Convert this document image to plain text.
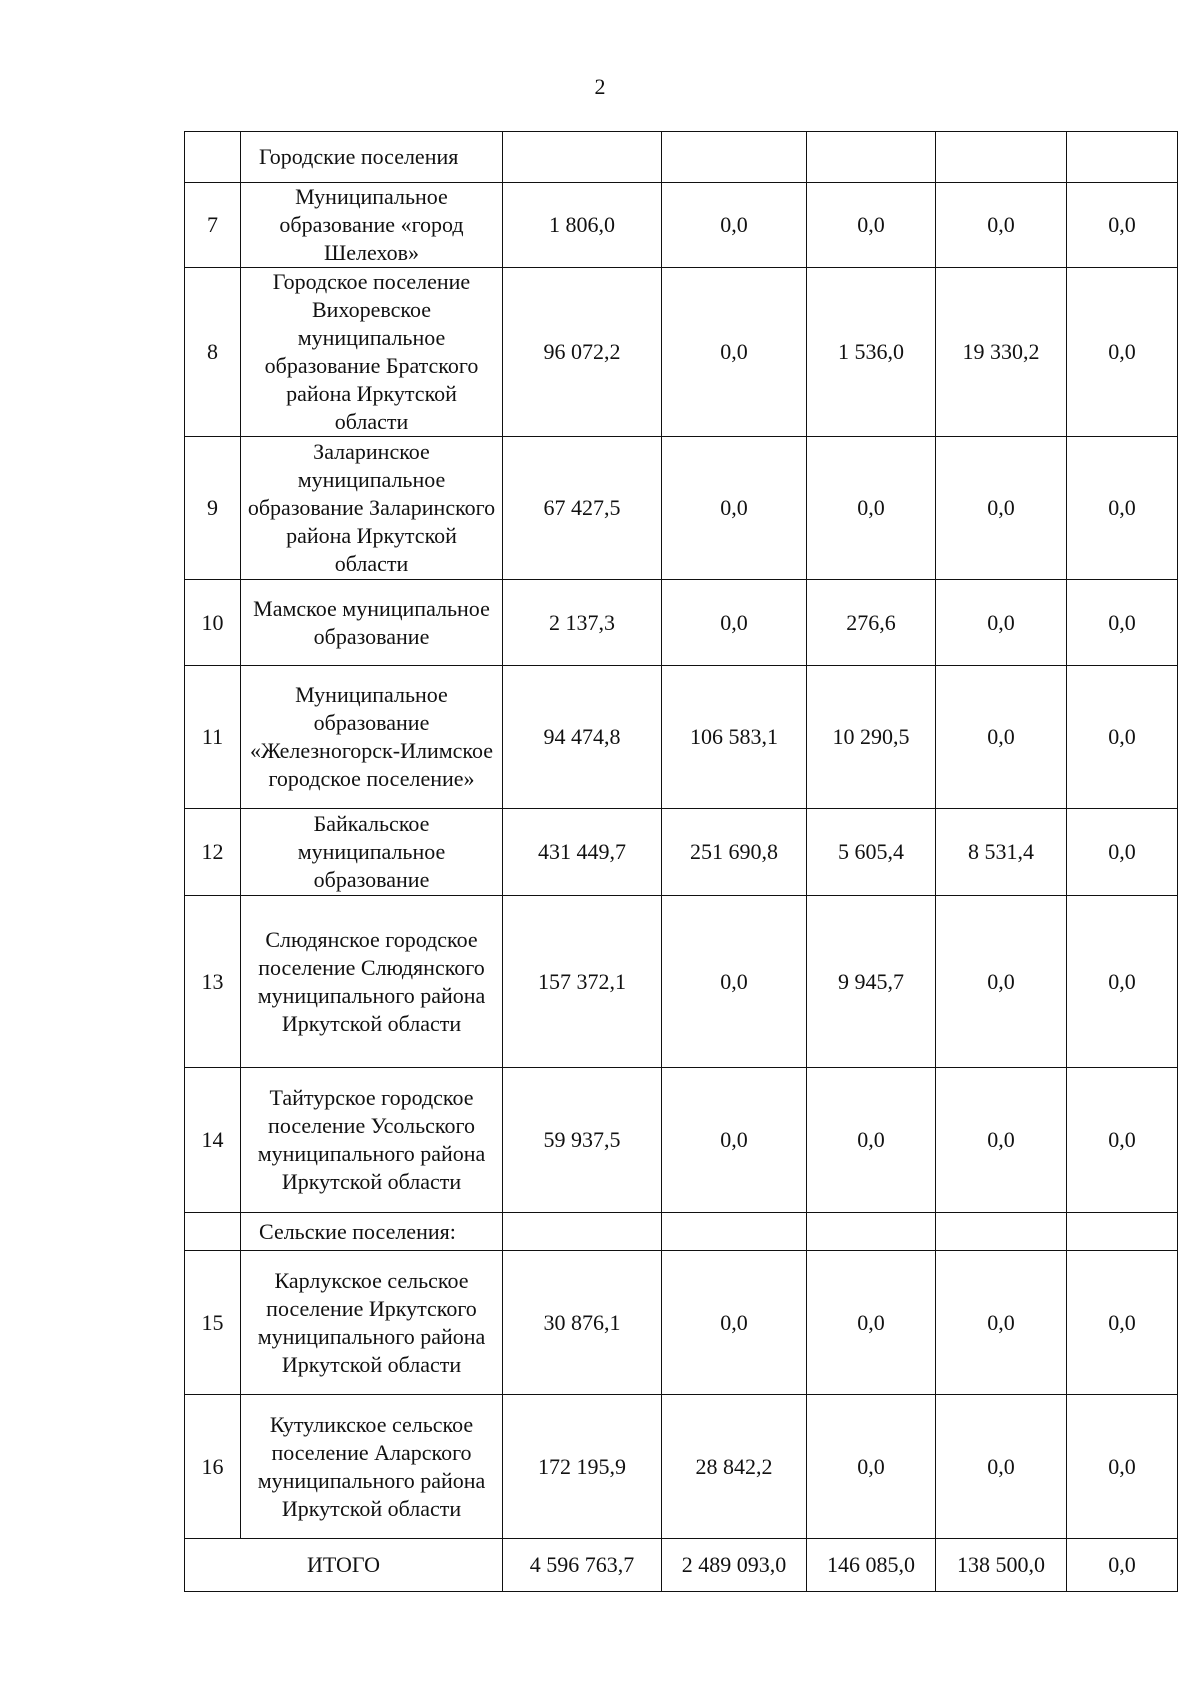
2
	Городские поселения					
7	Муниципальное образование «город Шелехов»	1 806,0	0,0	0,0	0,0	0,0
8	Городское поселение Вихоревское муниципальное образование Братского района Иркутской области	96 072,2	0,0	1 536,0	19 330,2	0,0
9	Заларинское муниципальное образование Заларинского района Иркутской области	67 427,5	0,0	0,0	0,0	0,0
10	Мамское муниципальное образование	2 137,3	0,0	276,6	0,0	0,0
11	Муниципальное образование «Железногорск-Илимское городское поселение»	94 474,8	106 583,1	10 290,5	0,0	0,0
12	Байкальское муниципальное образование	431 449,7	251 690,8	5 605,4	8 531,4	0,0
13	Слюдянское городское поселение Слюдянского муниципального района Иркутской области	157 372,1	0,0	9 945,7	0,0	0,0
14	Тайтурское городское поселение Усольского муниципального района Иркутской области	59 937,5	0,0	0,0	0,0	0,0
	Сельские поселения:					
15	Карлукское сельское поселение Иркутского муниципального района Иркутской области	30 876,1	0,0	0,0	0,0	0,0
16	Кутуликское сельское поселение Аларского муниципального района Иркутской области	172 195,9	28 842,2	0,0	0,0	0,0
ИТОГО		4 596 763,7	2 489 093,0	146 085,0	138 500,0	0,0
